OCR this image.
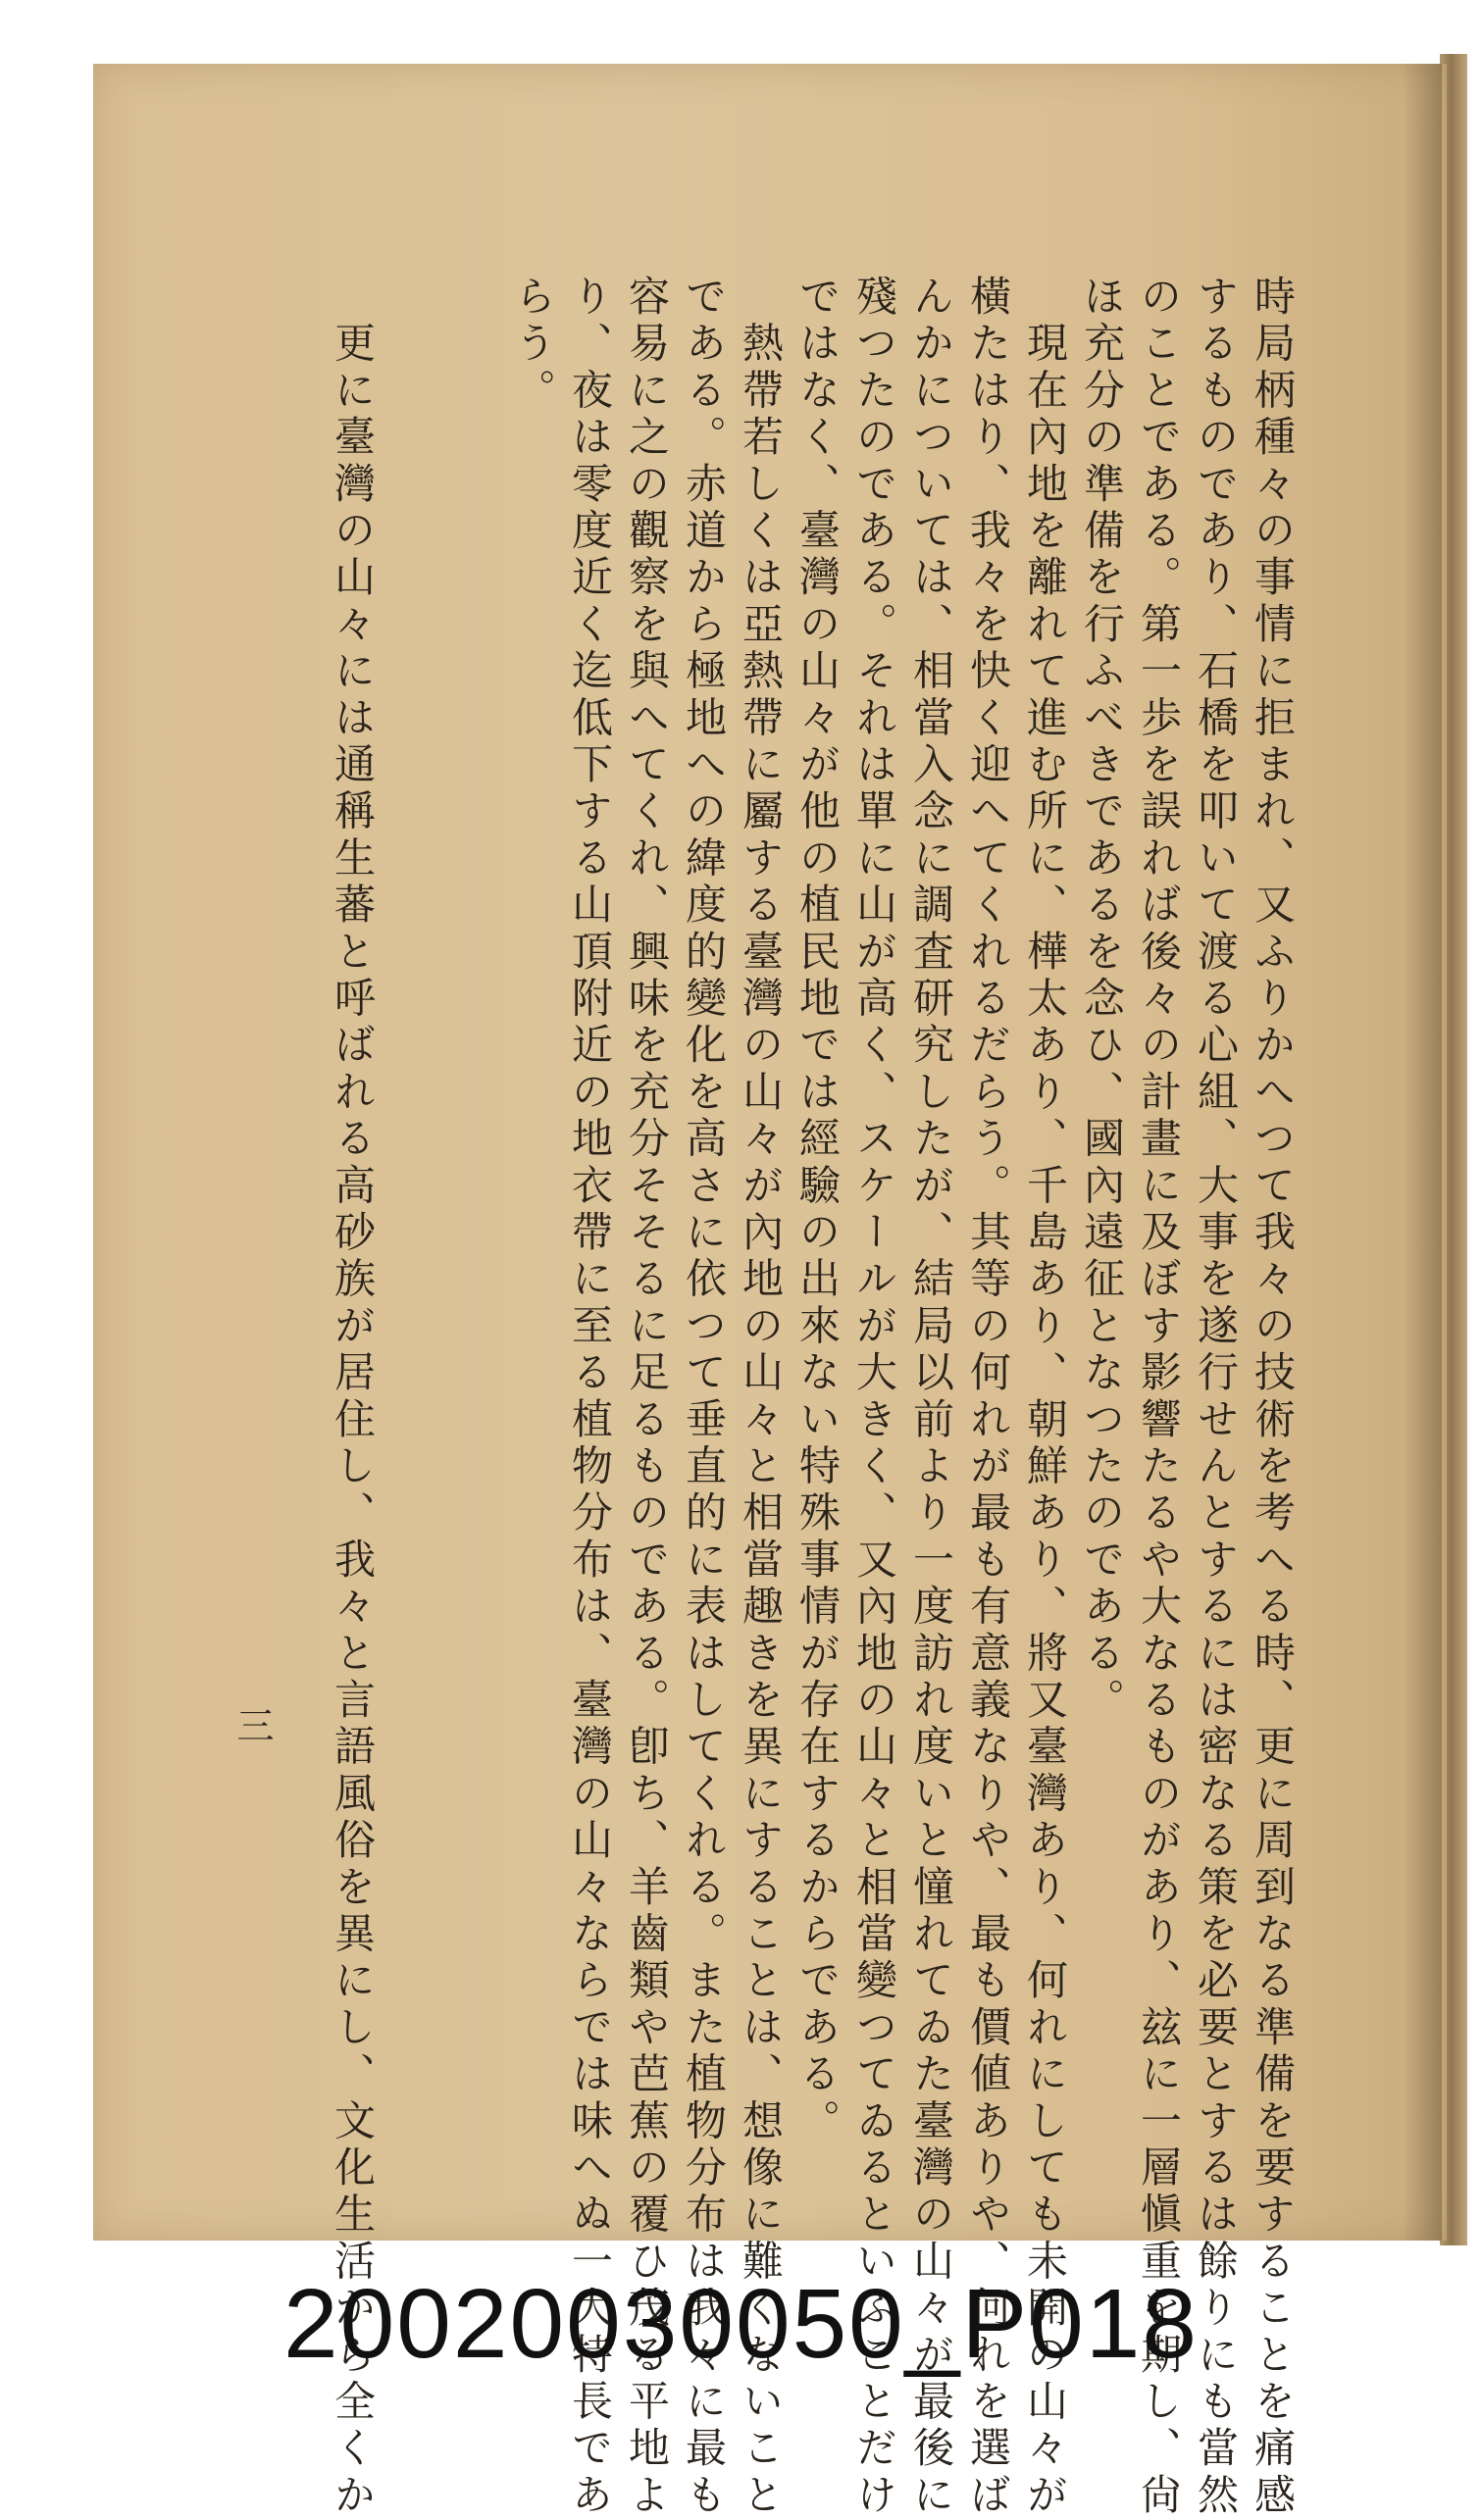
時局柄種々の事情に拒まれ、又ふりかへつて我々の技術を考へる時、更に周到なる準備を要することを痛感
するものであり、石橋を叩いて渡る心組、大事を遂行せんとするには密なる策を必要とするは餘りにも當然
のことである。第一歩を誤れば後々の計畫に及ぼす影響たるや大なるものがあり、玆に一層愼重を期し、尙
ほ充分の準備を行ふべきであるを念ひ、國內遠征となつたのである。
　現在內地を離れて進む所に、樺太あり、千島あり、朝鮮あり、將又臺灣あり、何れにしても未開の山々が
橫たはり、我々を快く迎へてくれるだらう。其等の何れが最も有意義なりや、最も價値ありや、何れを選ば
んかについては、相當入念に調査研究したが、結局以前より一度訪れ度いと憧れてゐた臺灣の山々が最後に
殘つたのである。それは單に山が高く、スケールが大きく、又內地の山々と相當變つてゐるといふことだけ
ではなく、臺灣の山々が他の植民地では經驗の出來ない特殊事情が存在するからである。
　熱帶若しくは亞熱帶に屬する臺灣の山々が內地の山々と相當趣きを異にすることは、想像に難くないこと
である。赤道から極地への緯度的變化を高さに依つて垂直的に表はしてくれる。また植物分布は我々に最も
容易に之の觀察を與へてくれ、興味を充分そそるに足るものである。卽ち、羊齒類や芭蕉の覆ひ茂る平地よ
り、夜は零度近く迄低下する山頂附近の地衣帶に至る植物分布は、臺灣の山々ならでは味へぬ一大特長であ
らう。
　更に臺灣の山々には通稱生蕃と呼ばれる高砂族が居住し、我々と言語風俗を異にし、文化生活から全くか
三
20020030050_P018
